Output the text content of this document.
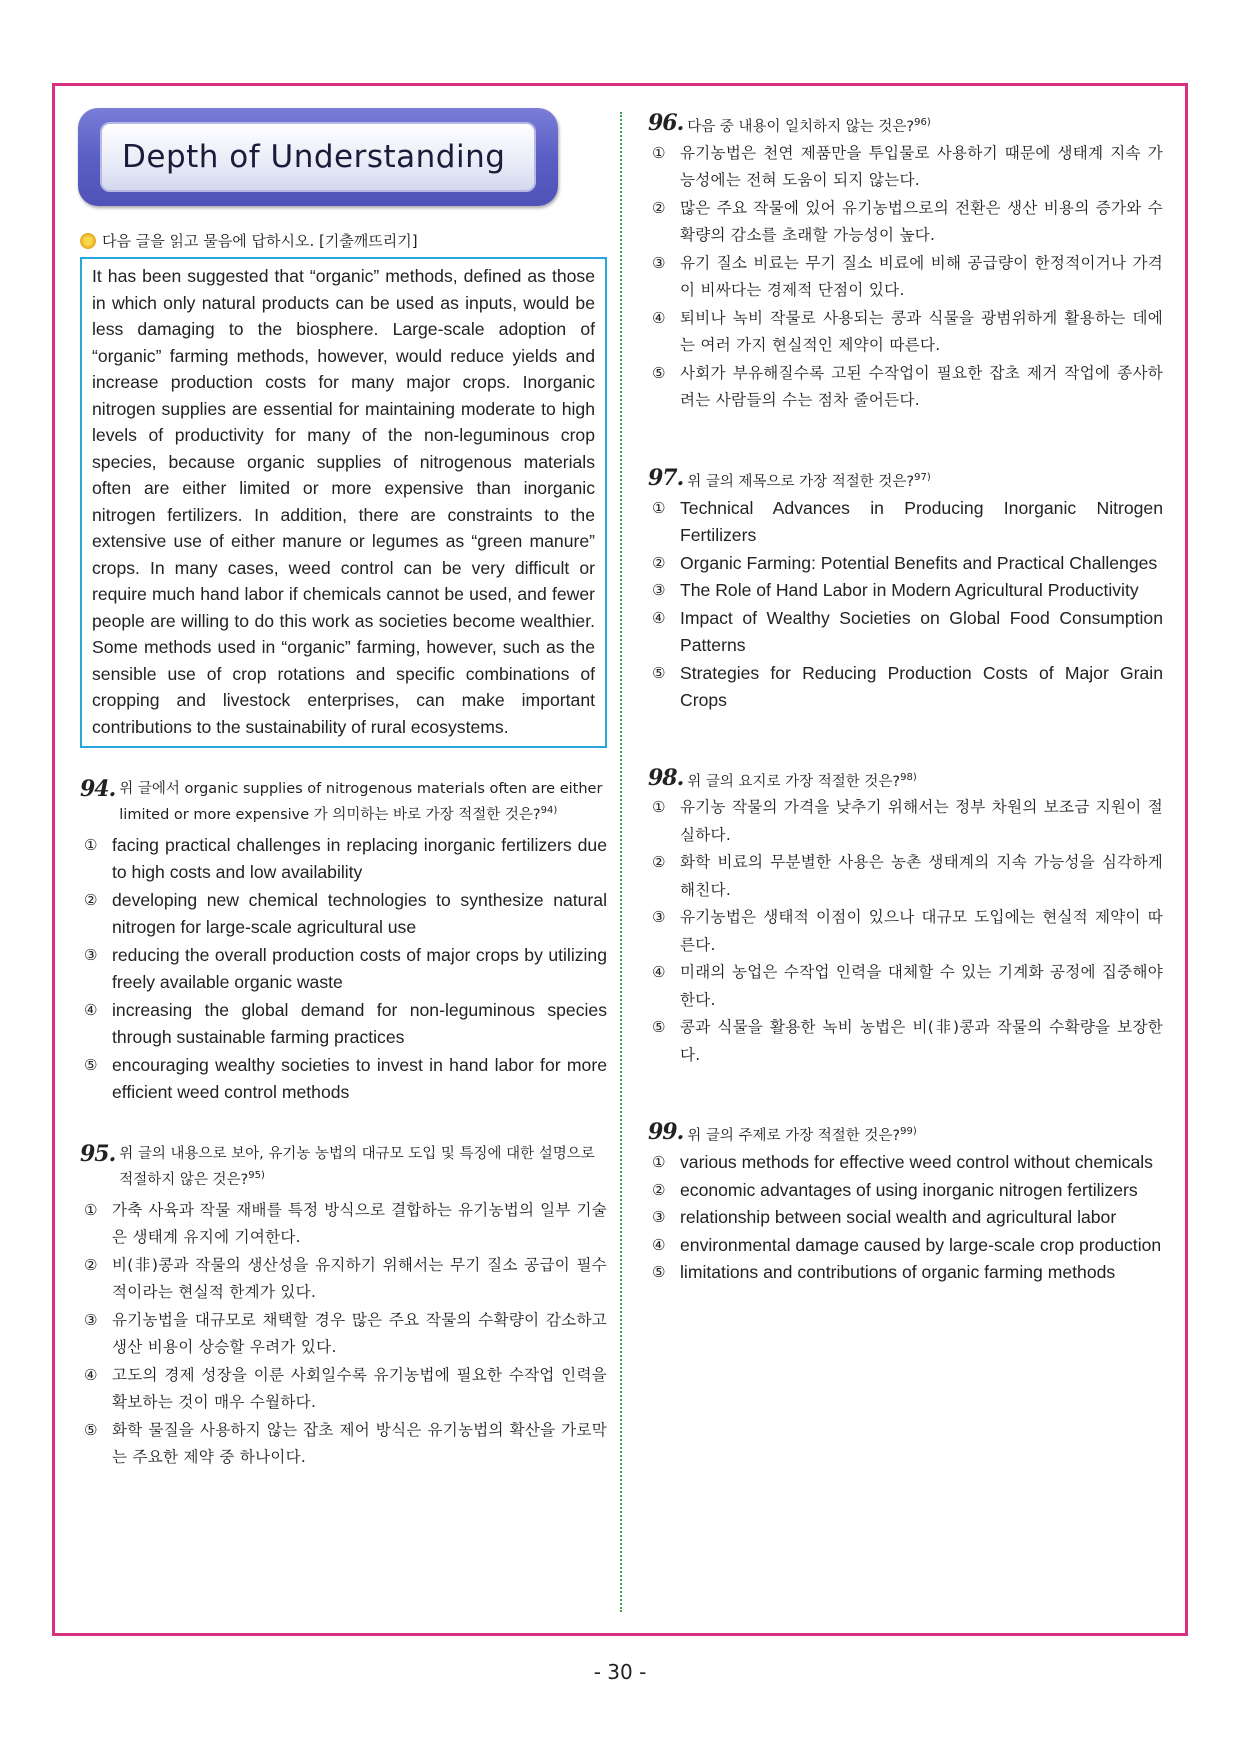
Depth of Understanding
다음 글을 읽고 물음에 답하시오. [기출깨뜨리기]
It has been suggested that “organic” methods, defined as those in which only natural products can be used as inputs, would be less damaging to the biosphere. Large-scale adoption of “organic” farming methods, however, would reduce yields and increase production costs for many major crops. Inorganic nitrogen supplies are essential for maintaining moderate to high levels of productivity for many of the non-leguminous crop species, because organic supplies of nitrogenous materials often are either limited or more expensive than inorganic nitrogen fertilizers. In addition, there are constraints to the extensive use of either manure or legumes as “green manure” crops. In many cases, weed control can be very difficult or require much hand labor if chemicals cannot be used, and fewer people are willing to do this work as societies become wealthier. Some methods used in “organic” farming, however, such as the sensible use of crop rotations and specific combinations of cropping and livestock enterprises, can make important contributions to the sustainability of rural ecosystems.
94. 위 글에서 organic supplies of nitrogenous materials often are either limited or more expensive 가 의미하는 바로 가장 적절한 것은?$^{94)}$
① facing practical challenges in replacing inorganic fertilizers due to high costs and low availability
② developing new chemical technologies to synthesize natural nitrogen for large-scale agricultural use
③ reducing the overall production costs of major crops by utilizing freely available organic waste
④ increasing the global demand for non-leguminous species through sustainable farming practices
⑤ encouraging wealthy societies to invest in hand labor for more efficient weed control methods
95. 위 글의 내용으로 보아, 유기농 농법의 대규모 도입 및 특징에 대한 설명으로 적절하지 않은 것은?$^{95)}$
① 가축 사육과 작물 재배를 특정 방식으로 결합하는 유기농법의 일부 기술은 생태계 유지에 기여한다.
② 비(非)콩과 작물의 생산성을 유지하기 위해서는 무기 질소 공급이 필수적이라는 현실적 한계가 있다.
③ 유기농법을 대규모로 채택할 경우 많은 주요 작물의 수확량이 감소하고 생산 비용이 상승할 우려가 있다.
④ 고도의 경제 성장을 이룬 사회일수록 유기농법에 필요한 수작업 인력을 확보하는 것이 매우 수월하다.
⑤ 화학 물질을 사용하지 않는 잡초 제어 방식은 유기농법의 확산을 가로막는 주요한 제약 중 하나이다.
96. 다음 중 내용이 일치하지 않는 것은?$^{96)}$
① 유기농법은 천연 제품만을 투입물로 사용하기 때문에 생태계 지속 가능성에는 전혀 도움이 되지 않는다.
② 많은 주요 작물에 있어 유기농법으로의 전환은 생산 비용의 증가와 수확량의 감소를 초래할 가능성이 높다.
③ 유기 질소 비료는 무기 질소 비료에 비해 공급량이 한정적이거나 가격이 비싸다는 경제적 단점이 있다.
④ 퇴비나 녹비 작물로 사용되는 콩과 식물을 광범위하게 활용하는 데에는 여러 가지 현실적인 제약이 따른다.
⑤ 사회가 부유해질수록 고된 수작업이 필요한 잡초 제거 작업에 종사하려는 사람들의 수는 점차 줄어든다.
97. 위 글의 제목으로 가장 적절한 것은?$^{97)}$
① Technical Advances in Producing Inorganic Nitrogen Fertilizers
② Organic Farming: Potential Benefits and Practical Challenges
③ The Role of Hand Labor in Modern Agricultural Productivity
④ Impact of Wealthy Societies on Global Food Consumption Patterns
⑤ Strategies for Reducing Production Costs of Major Grain Crops
98. 위 글의 요지로 가장 적절한 것은?$^{98)}$
① 유기농 작물의 가격을 낮추기 위해서는 정부 차원의 보조금 지원이 절실하다.
② 화학 비료의 무분별한 사용은 농촌 생태계의 지속 가능성을 심각하게 해친다.
③ 유기농법은 생태적 이점이 있으나 대규모 도입에는 현실적 제약이 따른다.
④ 미래의 농업은 수작업 인력을 대체할 수 있는 기계화 공정에 집중해야 한다.
⑤ 콩과 식물을 활용한 녹비 농법은 비(非)콩과 작물의 수확량을 보장한다.
99. 위 글의 주제로 가장 적절한 것은?$^{99)}$
① various methods for effective weed control without chemicals
② economic advantages of using inorganic nitrogen fertilizers
③ relationship between social wealth and agricultural labor
④ environmental damage caused by large-scale crop production
⑤ limitations and contributions of organic farming methods
- 30 -
